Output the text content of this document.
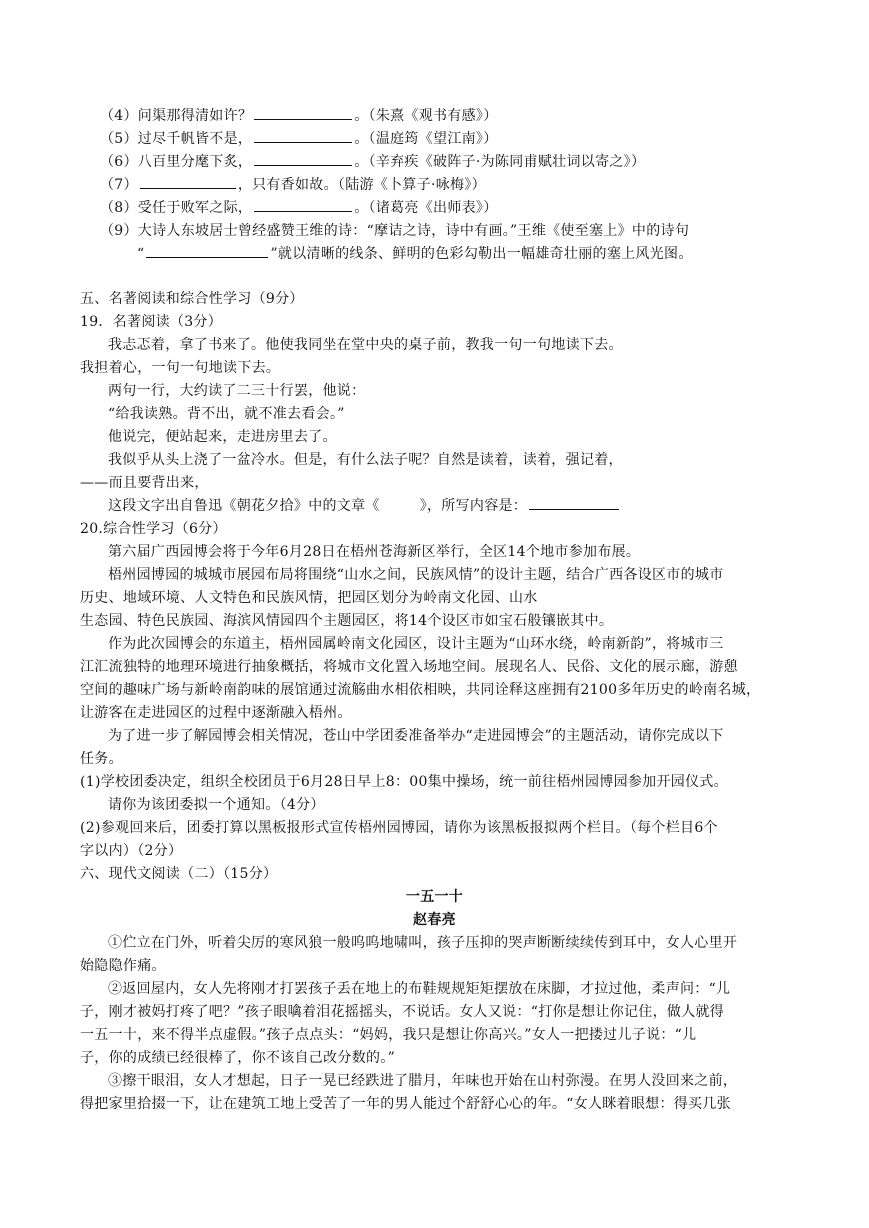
（4）问渠那得清如许？	。（朱熹《观书有感》）
（5）过尽千帆皆不是，	。（温庭筠《望江南》）
（6）八百里分麾下炙，	。（辛弃疾《破阵子·为陈同甫赋壮词以寄之》）
（7）	，只有香如故。（陆游《卜算子·咏梅》）
（8）受任于败军之际，	。（诸葛亮《出师表》）
（9）大诗人东坡居士曾经盛赞王维的诗：“摩诘之诗，诗中有画。”王维《使至塞上》中的诗句
“	”就以清晰的线条、鲜明的色彩勾勒出一幅雄奇壮丽的塞上风光图。
五、名著阅读和综合性学习（9分）
19．名著阅读（3分）
我忐忑着，拿了书来了。他使我同坐在堂中央的桌子前，教我一句一句地读下去。
我担着心，一句一句地读下去。
两句一行，大约读了二三十行罢，他说：
“给我读熟。背不出，就不准去看会。”
他说完，便站起来，走进房里去了。
我似乎从头上浇了一盆冷水。但是，有什么法子呢？自然是读着，读着，强记着，
——而且要背出来，
这段文字出自鲁迅《朝花夕拾》中的文章《	》，所写内容是：
20.综合性学习（6分）
第六届广西园博会将于今年6月28日在梧州苍海新区举行，全区14个地市参加布展。
梧州园博园的城城市展园布局将围绕“山水之间，民族风情”的设计主题，结合广西各设区市的城市
历史、地域环境、人文特色和民族风情，把园区划分为岭南文化园、山水
生态园、特色民族园、海滨风情园四个主题园区，将14个设区市如宝石般镶嵌其中。
作为此次园博会的东道主，梧州园属岭南文化园区，设计主题为“山环水绕，岭南新韵”，将城市三
江汇流独特的地理环境进行抽象概括，将城市文化置入场地空间。展现名人、民俗、文化的展示廊，游憩
空间的趣味广场与新岭南韵味的展馆通过流觞曲水相依相映，共同诠释这座拥有2100多年历史的岭南名城，
让游客在走进园区的过程中逐渐融入梧州。
为了进一步了解园博会相关情况，苍山中学团委准备举办“走进园博会”的主题活动，请你完成以下
任务。
(1)学校团委决定，组织全校团员于6月28日早上8：00集中操场，统一前往梧州园博园参加开园仪式。
请你为该团委拟一个通知。（4分）
(2)参观回来后，团委打算以黑板报形式宣传梧州园博园，请你为该黑板报拟两个栏目。（每个栏目6个
字以内）（2分）
六、现代文阅读（二）（15分）
一五一十
赵春亮
①伫立在门外，听着尖厉的寒风狼一般呜呜地啸叫，孩子压抑的哭声断断续续传到耳中，女人心里开
始隐隐作痛。
②返回屋内，女人先将刚才打罢孩子丢在地上的布鞋规规矩矩摆放在床脚，才拉过他，柔声问：“儿
子，刚才被妈打疼了吧？”孩子眼噙着泪花摇摇头，不说话。女人又说：“打你是想让你记住，做人就得
一五一十，来不得半点虚假。”孩子点点头：“妈妈，我只是想让你高兴。”女人一把搂过儿子说：“儿
子，你的成绩已经很棒了，你不该自己改分数的。”
③擦干眼泪，女人才想起，日子一晃已经跌进了腊月，年味也开始在山村弥漫。在男人没回来之前，
得把家里拾掇一下，让在建筑工地上受苦了一年的男人能过个舒舒心心的年。“女人眯着眼想：得买几张
